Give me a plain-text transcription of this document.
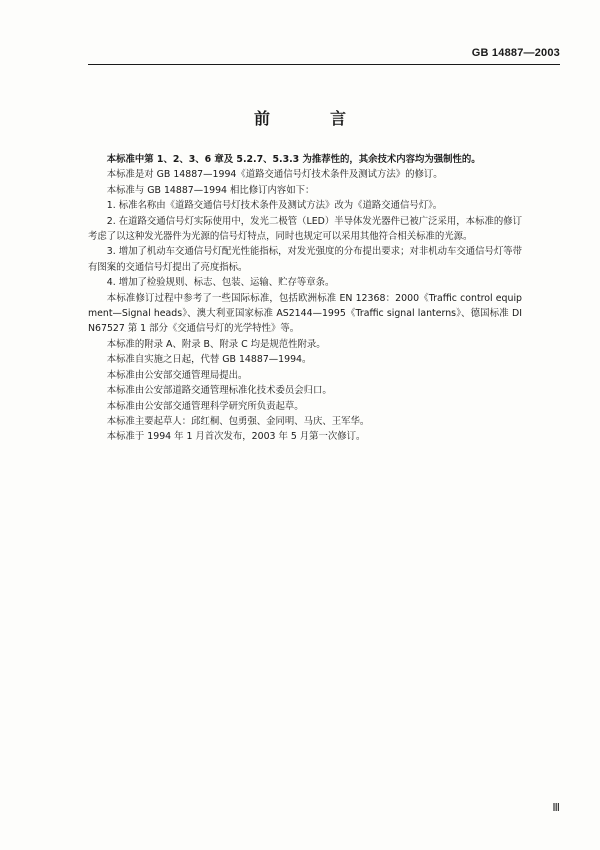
GB 14887—2003
前　言

本标准中第 1、2、3、6 章及 5.2.7、5.3.3 为推荐性的，其余技术内容均为强制性的。

本标准是对 GB 14887—1994《道路交通信号灯技术条件及测试方法》的修订。

本标准与 GB 14887—1994 相比修订内容如下：

1. 标准名称由《道路交通信号灯技术条件及测试方法》改为《道路交通信号灯》。

2. 在道路交通信号灯实际使用中，发光二极管（LED）半导体发光器件已被广泛采用，本标准的修订考虑了以这种发光器件为光源的信号灯特点，同时也规定可以采用其他符合相关标准的光源。

3. 增加了机动车交通信号灯配光性能指标，对发光强度的分布提出要求；对非机动车交通信号灯等带有图案的交通信号灯提出了亮度指标。

4. 增加了检验规则、标志、包装、运输、贮存等章条。

本标准修订过程中参考了一些国际标准，包括欧洲标准 EN 12368：2000《Traffic control equipment—Signal heads》、澳大利亚国家标准 AS2144—1995《Traffic signal lanterns》、德国标准 DIN67527 第 1 部分《交通信号灯的光学特性》等。

本标准的附录 A、附录 B、附录 C 均是规范性附录。

本标准自实施之日起，代替 GB 14887—1994。

本标准由公安部交通管理局提出。

本标准由公安部道路交通管理标准化技术委员会归口。

本标准由公安部交通管理科学研究所负责起草。

本标准主要起草人：邱红桐、包勇强、金同明、马庆、王军华。

本标准于 1994 年 1 月首次发布，2003 年 5 月第一次修订。

Ⅲ
